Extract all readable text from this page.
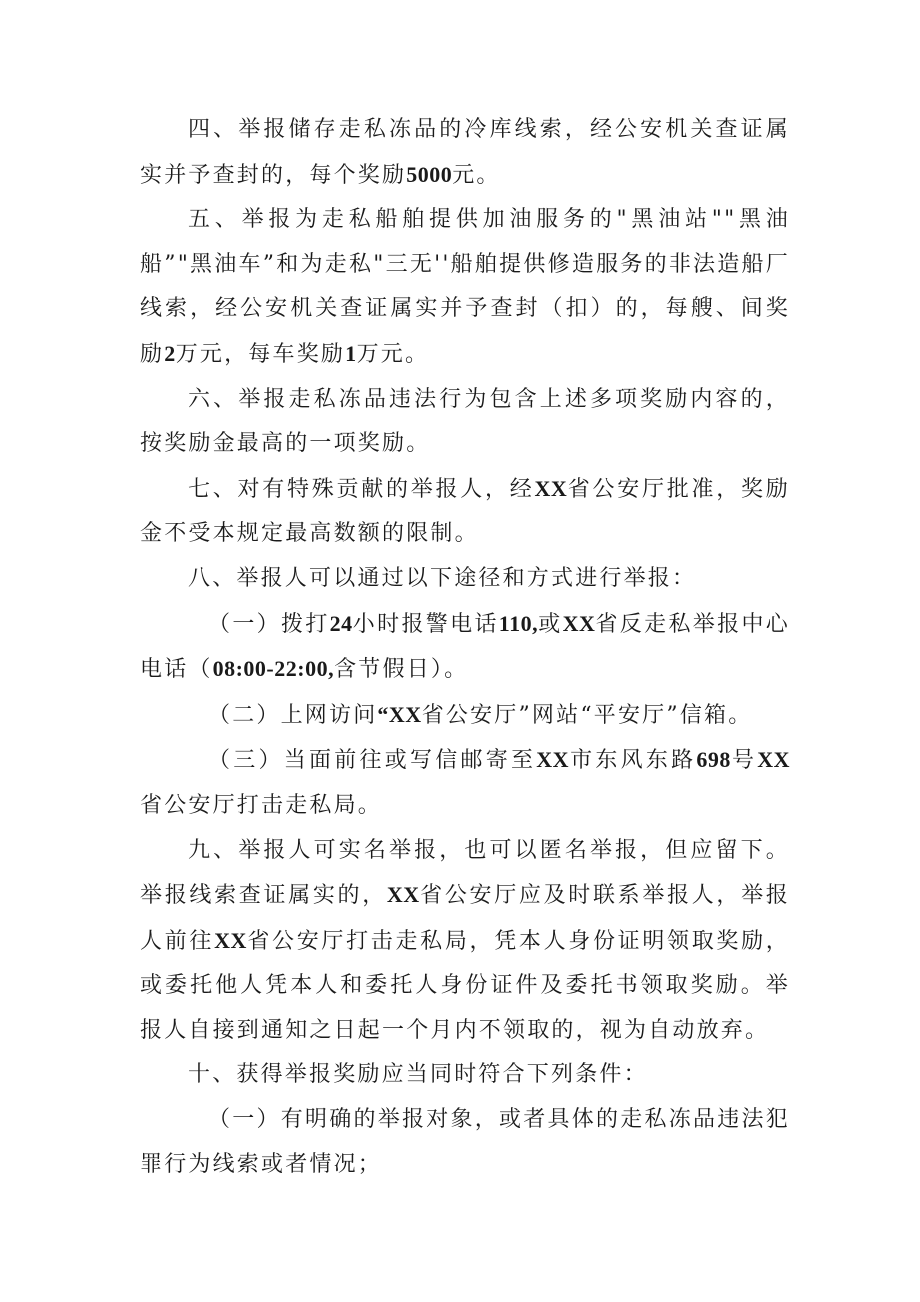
四、举报储存走私冻品的冷库线索，经公安机关查证属实并予查封的，每个奖励5000元。

五、举报为走私船舶提供加油服务的"黑油站""黑油船”"黑油车”和为走私"三无''船舶提供修造服务的非法造船厂线索，经公安机关查证属实并予查封（扣）的，每艘、间奖励2万元，每车奖励1万元。

六、举报走私冻品违法行为包含上述多项奖励内容的，按奖励金最高的一项奖励。

七、对有特殊贡献的举报人，经XX省公安厅批准，奖励金不受本规定最高数额的限制。

八、举报人可以通过以下途径和方式进行举报：

（一）拨打24小时报警电话110,或XX省反走私举报中心电话（08:00-22:00,含节假日）。

（二）上网访问“XX省公安厅”网站“平安厅”信箱。

（三）当面前往或写信邮寄至XX市东风东路698号XX省公安厅打击走私局。

九、举报人可实名举报，也可以匿名举报，但应留下。举报线索查证属实的，XX省公安厅应及时联系举报人，举报人前往XX省公安厅打击走私局，凭本人身份证明领取奖励，或委托他人凭本人和委托人身份证件及委托书领取奖励。举报人自接到通知之日起一个月内不领取的，视为自动放弃。

十、获得举报奖励应当同时符合下列条件：

（一）有明确的举报对象，或者具体的走私冻品违法犯罪行为线索或者情况；
